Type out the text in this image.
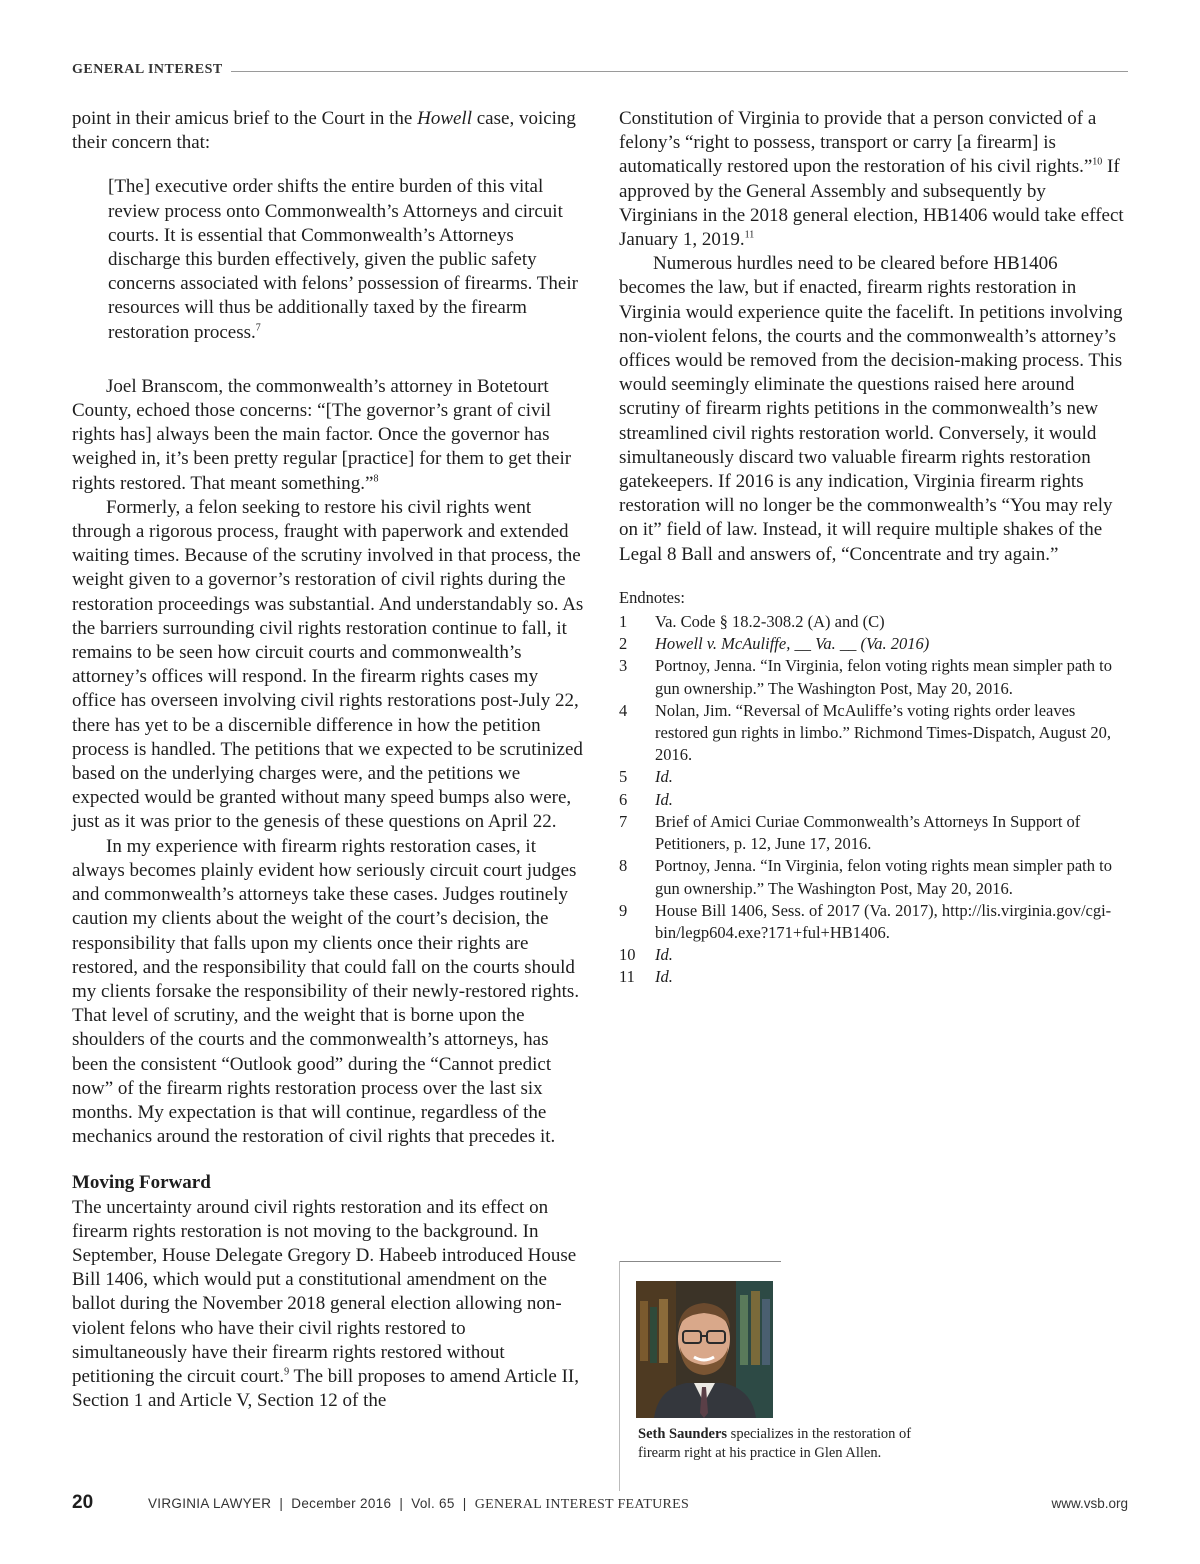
GENERAL INTEREST

point in their amicus brief to the Court in the Howell case, voicing their concern that:

[The] executive order shifts the entire burden of this vital review process onto Commonwealth’s Attorneys and circuit courts. It is essential that Commonwealth’s Attorneys discharge this burden effectively, given the public safety concerns associated with felons’ possession of firearms. Their resources will thus be additionally taxed by the firearm restoration process.$^7$

Joel Branscom, the commonwealth’s attorney in Botetourt County, echoed those concerns: “[The governor’s grant of civil rights has] always been the main factor. Once the governor has weighed in, it’s been pretty regular [practice] for them to get their rights restored. That meant something.”$^8$

Formerly, a felon seeking to restore his civil rights went through a rigorous process, fraught with paperwork and extended waiting times. Because of the scrutiny involved in that process, the weight given to a governor’s restoration of civil rights during the restoration proceedings was substantial. And understandably so. As the barriers surrounding civil rights restoration continue to fall, it remains to be seen how circuit courts and commonwealth’s attorney’s offices will respond. In the firearm rights cases my office has overseen involving civil rights restorations post-July 22, there has yet to be a discernible difference in how the petition process is handled. The petitions that we expected to be scrutinized based on the underlying charges were, and the petitions we expected would be granted without many speed bumps also were, just as it was prior to the genesis of these questions on April 22.

In my experience with firearm rights restoration cases, it always becomes plainly evident how seriously circuit court judges and commonwealth’s attorneys take these cases. Judges routinely caution my clients about the weight of the court’s decision, the responsibility that falls upon my clients once their rights are restored, and the responsibility that could fall on the courts should my clients forsake the responsibility of their newly-restored rights. That level of scrutiny, and the weight that is borne upon the shoulders of the courts and the commonwealth’s attorneys, has been the consistent “Outlook good” during the “Cannot predict now” of the firearm rights restoration process over the last six months. My expectation is that will continue, regardless of the mechanics around the restoration of civil rights that precedes it.

Moving Forward

The uncertainty around civil rights restoration and its effect on firearm rights restoration is not moving to the background. In September, House Delegate Gregory D. Habeeb introduced House Bill 1406, which would put a constitutional amendment on the ballot during the November 2018 general election allowing non-violent felons who have their civil rights restored to simultaneously have their firearm rights restored without petitioning the circuit court.$^9$ The bill proposes to amend Article II, Section 1 and Article V, Section 12 of the

Constitution of Virginia to provide that a person convicted of a felony’s “right to possess, transport or carry [a firearm] is automatically restored upon the restoration of his civil rights.”$^{10}$ If approved by the General Assembly and subsequently by Virginians in the 2018 general election, HB1406 would take effect January 1, 2019.11

Numerous hurdles need to be cleared before HB1406 becomes the law, but if enacted, firearm rights restoration in Virginia would experience quite the facelift. In petitions involving non-violent felons, the courts and the commonwealth’s attorney’s offices would be removed from the decision-making process. This would seemingly eliminate the questions raised here around scrutiny of firearm rights petitions in the commonwealth’s new streamlined civil rights restoration world. Conversely, it would simultaneously discard two valuable firearm rights restoration gatekeepers. If 2016 is any indication, Virginia firearm rights restoration will no longer be the commonwealth’s “You may rely on it” field of law. Instead, it will require multiple shakes of the Legal 8 Ball and answers of, “Concentrate and try again.”

Endnotes:

1	Va. Code § 18.2-308.2 (A) and (C)
2	Howell v. McAuliffe, __ Va. __ (Va. 2016)
3	Portnoy, Jenna. “In Virginia, felon voting rights mean simpler path to gun ownership.” The Washington Post, May 20, 2016.
4	Nolan, Jim. “Reversal of McAuliffe’s voting rights order leaves restored gun rights in limbo.” Richmond Times-Dispatch, August 20, 2016.
5	Id.
6	Id.
7	Brief of Amici Curiae Commonwealth’s Attorneys In Support of Petitioners, p. 12, June 17, 2016.
8	Portnoy, Jenna. “In Virginia, felon voting rights mean simpler path to gun ownership.” The Washington Post, May 20, 2016.
9	House Bill 1406, Sess. of 2017 (Va. 2017), http://lis.virginia.gov/cgi-bin/legp604.exe?171+ful+HB1406.
10	Id.
11	Id.
Seth Saunders specializes in the restoration of firearm right at his practice in Glen Allen.
20	VIRGINIA LAWYER  |  December 2016  |  Vol. 65  |  GENERAL INTEREST FEATURES	www.vsb.org
